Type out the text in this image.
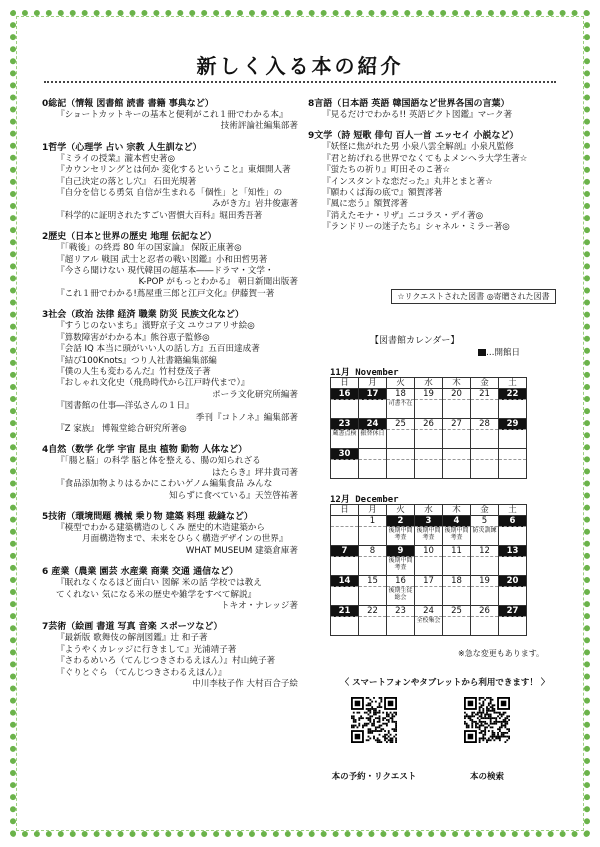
新しく入る本の紹介
0総記（情報 図書館 読書 書籍 事典など）
『ショートカットキーの基本と便利がこれ１冊でわかる本』
技術評論社編集部著
1哲学（心理学 占い 宗教 人生訓など）
『ミライの授業』瀧本哲史著◎
『カウンセリングとは何か 変化するということ』東畑開人著
『自己決定の落とし穴』 石田光規著
『自分を信じる勇気 自信が生まれる「個性」と「知性」の
みがき方』岩井俊憲著
『科学的に証明されたすごい習慣大百科』堀田秀吾著
2歴史（日本と世界の歴史 地理 伝記など）
『「戦後」の終焉 80 年の国家論』 保阪正康著◎
『超リアル 戦国 武士と忍者の戦い図鑑』小和田哲男著
『今さら聞けない 現代韓国の超基本――ドラマ・文学・
K-POP がもっとわかる』 朝日新聞出版著
『これ１冊でわかる!蔦屋重三郎と江戸文化』伊藤賀一著
3社会（政治 法律 経済 職業 防災 民族文化など）
『すうじのないまち』濱野京子文 ユウコアリサ絵◎
『算数障害がわかる本』熊谷恵子監修◎
『会話 IQ 本当に頭がいい人の話し方』五百田達成著
『結び100Knots』つり人社書籍編集部編
『僕の人生も変わるんだ』竹村登茂子著
『おしゃれ文化史（飛鳥時代から江戸時代まで）』
ポーラ文化研究所編著
『図書館の仕事―洋弘さんの１日』
季刊『コトノネ』編集部著
『Z 家族』 博報堂総合研究所著◎
4自然（数学 化学 宇宙 昆虫 植物 動物 人体など）
『「腸と脳」の科学 脳と体を整える、腸の知られざる
はたらき』坪井貴司著
『食品添加物よりはるかにこわいゲノム編集食品 みんな
知らずに食べている』天笠啓祐著
5技術（環境問題 機械 乗り物 建築 料理 裁縫など）
『模型でわかる建築構造のしくみ 歴史的木造建築から
月面構造物まで、未来をひらく構造デザインの世界』
WHAT MUSEUM 建築倉庫著
6 産業（農業 園芸 水産業 商業 交通 通信など）
『眠れなくなるほど面白い 図解 米の話 学校では教え
てくれない 気になる米の歴史や雑学をすべて解説』
トキオ・ナレッジ著
7芸術（絵画 書道 写真 音楽 スポーツなど）
『最新版 歌舞伎の解剖図鑑』辻 和子著
『ようやくカレッジに行きまして』光浦靖子著
『さわるめいろ（てんじつきさわるえほん）』村山純子著
『ぐりとぐら （てんじつきさわるえほん）』
中川李枝子作 大村百合子絵
8言語（日本語 英語 韓国語など世界各国の言葉）
『見るだけでわかる!! 英語ピクト図鑑』マーク著
9文学（詩 短歌 俳句 百人一首 エッセイ 小説など）
『妖怪に焦がれた男 小泉八雲全解剖』小泉凡監修
『君と紡げれる世界でなくてもよメンヘラ大学生著☆
『蛍たちの祈り』町田そのこ著☆
『インスタントな恋だった』丸井とまと著☆
『願わくば海の底で』額賀澪著
『風に恋う』額賀澪著
『消えたモナ・リザ』ニコラス・デイ著◎
『ランドリーの迷子たち』シャネル・ミラー著◎
☆リクエストされた図書 ◎寄贈された図書
【図書館カレンダー】
…開館日
11月 November
日	月	火	水	木	金	土
16	17	18	19	20	21	22
		司書不在				
23	24	25	26	27	28	29
蔵書点検	振替休日					
30						

12月 December
日	月	火	水	木	金	土
	1	2	3	4	5	6
		後期中間考査	後期中間考査	後期中間考査	防災訓練	
7	8	9	10	11	12	13
		後期中間考査				
14	15	16	17	18	19	20
		後期生徒総会				
21	22	23	24	25	26	27
			全校集会			
※急な変更もあります。
〈 スマートフォンやタブレットから利用できます！ 〉
本の予約・リクエスト	本の検索
